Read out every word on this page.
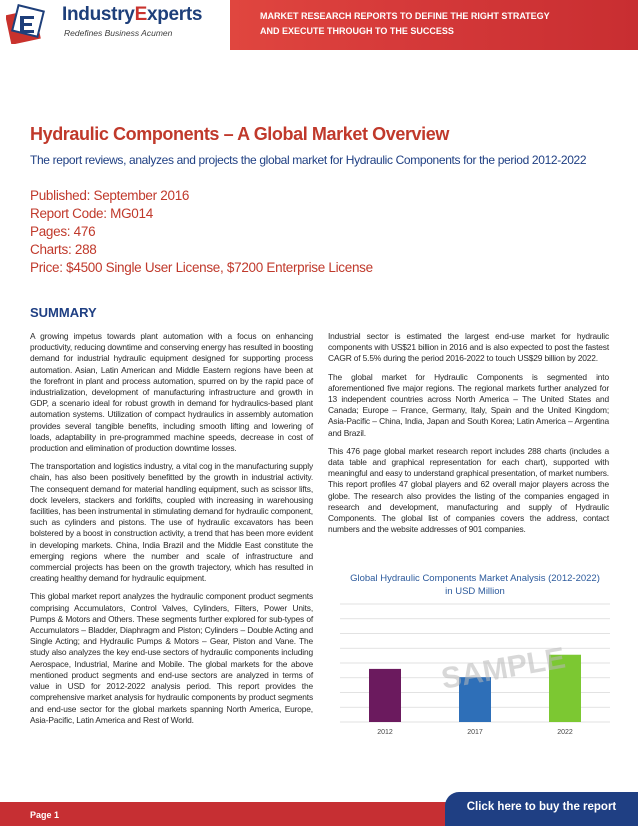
IndustryExperts
Redefines Business Acumen
MARKET RESEARCH REPORTS TO DEFINE THE RIGHT STRATEGY
AND EXECUTE THROUGH TO THE SUCCESS
Hydraulic Components – A Global Market Overview
The report reviews, analyzes and projects the global market for Hydraulic Components for the period 2012-2022
Published: September 2016
Report Code: MG014
Pages: 476
Charts: 288
Price: $4500 Single User License, $7200 Enterprise License
SUMMARY

A growing impetus towards plant automation with a focus on enhancing productivity, reducing downtime and conserving energy has resulted in boosting demand for industrial hydraulic equipment designed for supporting process automation. Asian, Latin American and Middle Eastern regions have been at the forefront in plant and process automation, spurred on by the rapid pace of industrialization, development of manufacturing infrastructure and growth in GDP, a scenario ideal for robust growth in demand for hydraulics-based plant automation systems. Utilization of compact hydraulics in assembly automation provides several tangible benefits, including smooth lifting and lowering of loads, adaptability in pre-programmed machine speeds, decrease in cost of production and elimination of production downtime losses.

The transportation and logistics industry, a vital cog in the manufacturing supply chain, has also been positively benefitted by the growth in industrial activity. The consequent demand for material handling equipment, such as scissor lifts, dock levelers, stackers and forklifts, coupled with increasing in warehousing facilities, has been instrumental in stimulating demand for hydraulic component, such as cylinders and pistons. The use of hydraulic excavators has been bolstered by a boost in construction activity, a trend that has been more evident in developing markets. China, India Brazil and the Middle East constitute the emerging regions where the number and scale of infrastructure and commercial projects has been on the growth trajectory, which has resulted in creating healthy demand for hydraulic equipment.

This global market report analyzes the hydraulic component product segments comprising Accumulators, Control Valves, Cylinders, Filters, Power Units, Pumps & Motors and Others. These segments further explored for sub-types of Accumulators – Bladder, Diaphragm and Piston; Cylinders – Double Acting and Single Acting; and Hydraulic Pumps & Motors – Gear, Piston and Vane. The study also analyzes the key end-use sectors of hydraulic components including Aerospace, Industrial, Marine and Mobile. The global markets for the above mentioned product segments and end-use sectors are analyzed in terms of value in USD for 2012-2022 analysis period. This report provides the comprehensive market analysis for hydraulic components by product segments and end-use sector for the global markets spanning North America, Europe, Asia-Pacific, Latin America and Rest of World.

Industrial sector is estimated the largest end-use market for hydraulic components with US$21 billion in 2016 and is also expected to post the fastest CAGR of 5.5% during the period 2016-2022 to touch US$29 billion by 2022.

The global market for Hydraulic Components is segmented into aforementioned five major regions. The regional markets further analyzed for 13 independent countries across North America – The United States and Canada; Europe – France, Germany, Italy, Spain and the United Kingdom; Asia-Pacific – China, India, Japan and South Korea; Latin America – Argentina and Brazil.

This 476 page global market research report includes 288 charts (includes a data table and graphical representation for each chart), supported with meaningful and easy to understand graphical presentation, of market numbers. This report profiles 47 global players and 62 overall major players across the globe. The research also provides the listing of the companies engaged in research and development, manufacturing and supply of Hydraulic Components. The global list of companies covers the address, contact numbers and the website addresses of 901 companies.

Global Hydraulic Components Market Analysis (2012-2022)
in USD Million
2012	2017	2022
SAMPLE
Page 1
Click here to buy the report
